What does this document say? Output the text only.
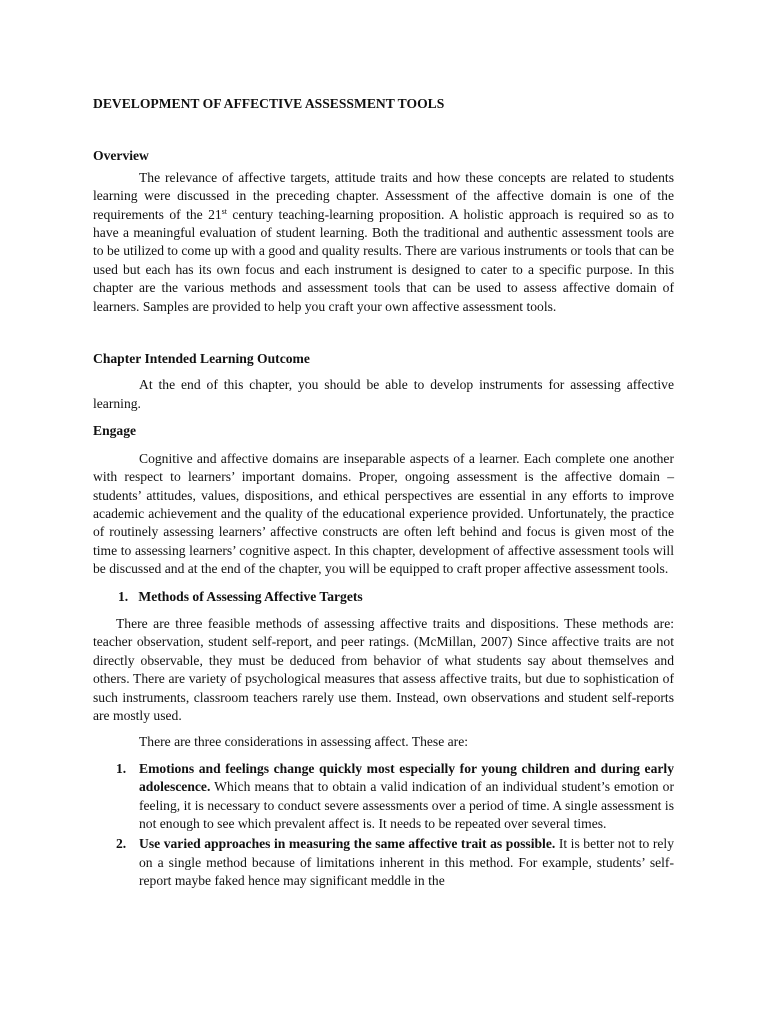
DEVELOPMENT OF AFFECTIVE ASSESSMENT TOOLS

Overview

The relevance of affective targets, attitude traits and how these concepts are related to students learning were discussed in the preceding chapter. Assessment of the affective domain is one of the requirements of the 21st century teaching-learning proposition. A holistic approach is required so as to have a meaningful evaluation of student learning. Both the traditional and authentic assessment tools are to be utilized to come up with a good and quality results. There are various instruments or tools that can be used but each has its own focus and each instrument is designed to cater to a specific purpose. In this chapter are the various methods and assessment tools that can be used to assess affective domain of learners. Samples are provided to help you craft your own affective assessment tools.

Chapter Intended Learning Outcome

At the end of this chapter, you should be able to develop instruments for assessing affective learning.

Engage

Cognitive and affective domains are inseparable aspects of a learner. Each complete one another with respect to learners’ important domains. Proper, ongoing assessment is the affective domain – students’ attitudes, values, dispositions, and ethical perspectives are essential in any efforts to improve academic achievement and the quality of the educational experience provided. Unfortunately, the practice of routinely assessing learners’ affective constructs are often left behind and focus is given most of the time to assessing learners’ cognitive aspect. In this chapter, development of affective assessment tools will be discussed and at the end of the chapter, you will be equipped to craft proper affective assessment tools.

1. Methods of Assessing Affective Targets

There are three feasible methods of assessing affective traits and dispositions. These methods are: teacher observation, student self-report, and peer ratings. (McMillan, 2007) Since affective traits are not directly observable, they must be deduced from behavior of what students say about themselves and others. There are variety of psychological measures that assess affective traits, but due to sophistication of such instruments, classroom teachers rarely use them. Instead, own observations and student self-reports are mostly used.

There are three considerations in assessing affect. These are:

1. Emotions and feelings change quickly most especially for young children and during early adolescence. Which means that to obtain a valid indication of an individual student’s emotion or feeling, it is necessary to conduct severe assessments over a period of time. A single assessment is not enough to see which prevalent affect is. It needs to be repeated over several times.
2. Use varied approaches in measuring the same affective trait as possible. It is better not to rely on a single method because of limitations inherent in this method. For example, students’ self-report maybe faked hence may significant meddle in the
